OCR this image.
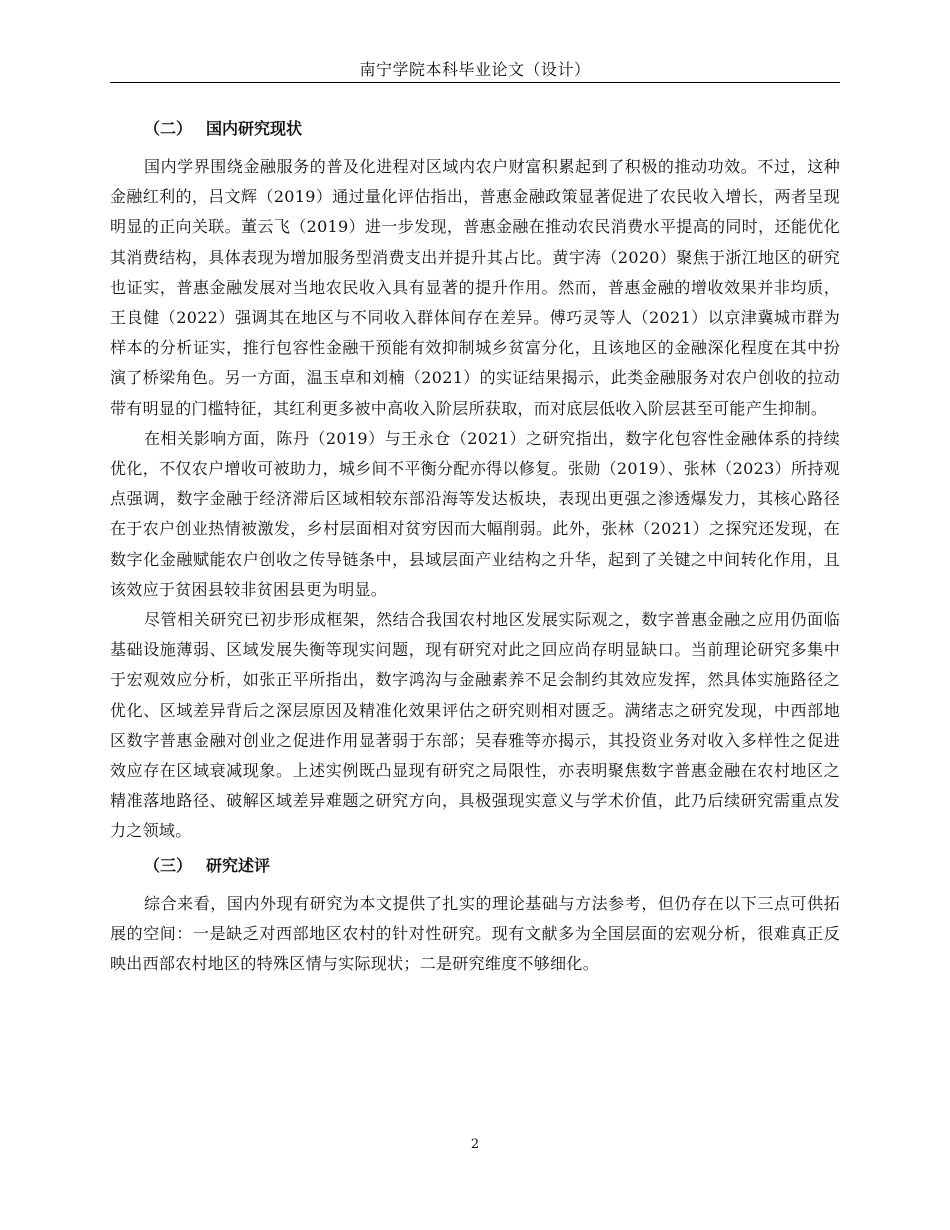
南宁学院本科毕业论文（设计）
（二） 国内研究现状

国内学界围绕金融服务的普及化进程对区域内农户财富积累起到了积极的推动功效。不过，这种金融红利的，吕文辉（2019）通过量化评估指出，普惠金融政策显著促进了农民收入增长，两者呈现明显的正向关联。董云飞（2019）进一步发现，普惠金融在推动农民消费水平提高的同时，还能优化其消费结构，具体表现为增加服务型消费支出并提升其占比。黄宇涛（2020）聚焦于浙江地区的研究也证实，普惠金融发展对当地农民收入具有显著的提升作用。然而，普惠金融的增收效果并非均质，王良健（2022）强调其在地区与不同收入群体间存在差异。傅巧灵等人（2021）以京津冀城市群为样本的分析证实，推行包容性金融干预能有效抑制城乡贫富分化，且该地区的金融深化程度在其中扮演了桥梁角色。另一方面，温玉卓和刘楠（2021）的实证结果揭示，此类金融服务对农户创收的拉动带有明显的门槛特征，其红利更多被中高收入阶层所获取，而对底层低收入阶层甚至可能产生抑制。

在相关影响方面，陈丹（2019）与王永仓（2021）之研究指出，数字化包容性金融体系的持续优化，不仅农户增收可被助力，城乡间不平衡分配亦得以修复。张勋（2019）、张林（2023）所持观点强调，数字金融于经济滞后区域相较东部沿海等发达板块，表现出更强之渗透爆发力，其核心路径在于农户创业热情被激发，乡村层面相对贫穷因而大幅削弱。此外，张林（2021）之探究还发现，在数字化金融赋能农户创收之传导链条中，县域层面产业结构之升华，起到了关键之中间转化作用，且该效应于贫困县较非贫困县更为明显。

尽管相关研究已初步形成框架，然结合我国农村地区发展实际观之，数字普惠金融之应用仍面临基础设施薄弱、区域发展失衡等现实问题，现有研究对此之回应尚存明显缺口。当前理论研究多集中于宏观效应分析，如张正平所指出，数字鸿沟与金融素养不足会制约其效应发挥，然具体实施路径之优化、区域差异背后之深层原因及精准化效果评估之研究则相对匮乏。满绪志之研究发现，中西部地区数字普惠金融对创业之促进作用显著弱于东部；吴春雅等亦揭示，其投资业务对收入多样性之促进效应存在区域衰减现象。上述实例既凸显现有研究之局限性，亦表明聚焦数字普惠金融在农村地区之精准落地路径、破解区域差异难题之研究方向，具极强现实意义与学术价值，此乃后续研究需重点发力之领域。

（三） 研究述评

综合来看，国内外现有研究为本文提供了扎实的理论基础与方法参考，但仍存在以下三点可供拓展的空间：一是缺乏对西部地区农村的针对性研究。现有文献多为全国层面的宏观分析，很难真正反映出西部农村地区的特殊区情与实际现状；二是研究维度不够细化。

2
